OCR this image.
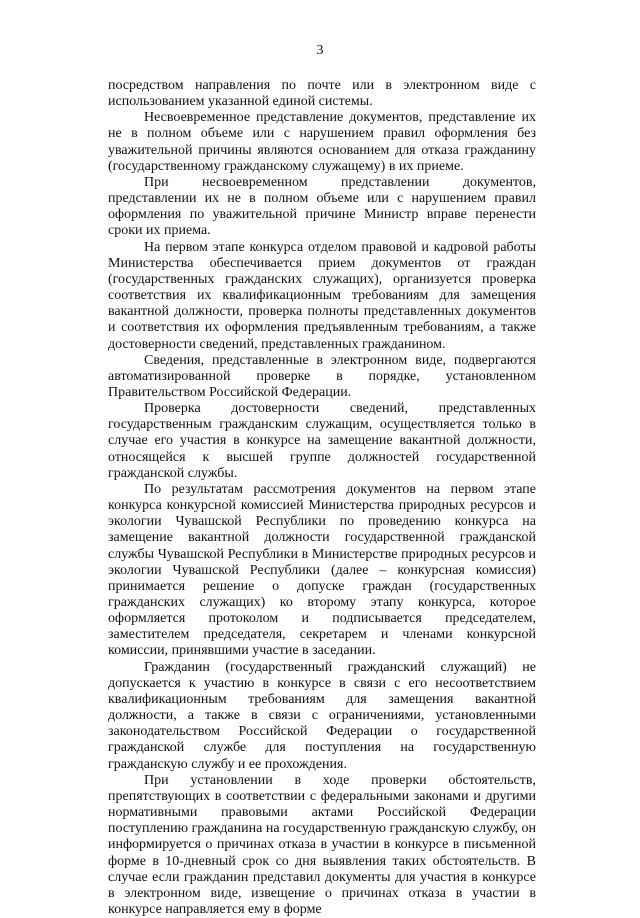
3

посредством направления по почте или в электронном виде с использованием указанной единой системы.

Несвоевременное представление документов, представление их не в полном объеме или с нарушением правил оформления без уважительной причины являются основанием для отказа гражданину (государственному гражданскому служащему) в их приеме.

При несвоевременном представлении документов, представлении их не в полном объеме или с нарушением правил оформления по уважительной причине Министр вправе перенести сроки их приема.

На первом этапе конкурса отделом правовой и кадровой работы Министерства обеспечивается прием документов от граждан (государственных гражданских служащих), организуется проверка соответствия их квалификационным требованиям для замещения вакантной должности, проверка полноты представленных документов и соответствия их оформления предъявленным требованиям, а также достоверности сведений, представленных гражданином.

Сведения, представленные в электронном виде, подвергаются автоматизированной проверке в порядке, установленном Правительством Российской Федерации.

Проверка достоверности сведений, представленных государственным гражданским служащим, осуществляется только в случае его участия в конкурсе на замещение вакантной должности, относящейся к высшей группе должностей государственной гражданской службы.

По результатам рассмотрения документов на первом этапе конкурса конкурсной комиссией Министерства природных ресурсов и экологии Чувашской Республики по проведению конкурса на замещение вакантной должности государственной гражданской службы Чувашской Республики в Министерстве природных ресурсов и экологии Чувашской Республики (далее – конкурсная комиссия) принимается решение о допуске граждан (государственных гражданских служащих) ко второму этапу конкурса, которое оформляется протоколом и подписывается председателем, заместителем председателя, секретарем и членами конкурсной комиссии, принявшими участие в заседании.

Гражданин (государственный гражданский служащий) не допускается к участию в конкурсе в связи с его несоответствием квалификационным требованиям для замещения вакантной должности, а также в связи с ограничениями, установленными законодательством Российской Федерации о государственной гражданской службе для поступления на государственную гражданскую службу и ее прохождения.

При установлении в ходе проверки обстоятельств, препятствующих в соответствии с федеральными законами и другими нормативными правовыми актами Российской Федерации поступлению гражданина на государственную гражданскую службу, он информируется о причинах отказа в участии в конкурсе в письменной форме в 10-дневный срок со дня выявления таких обстоятельств. В случае если гражданин представил документы для участия в конкурсе в электронном виде, извещение о причинах отказа в участии в конкурсе направляется ему в форме
